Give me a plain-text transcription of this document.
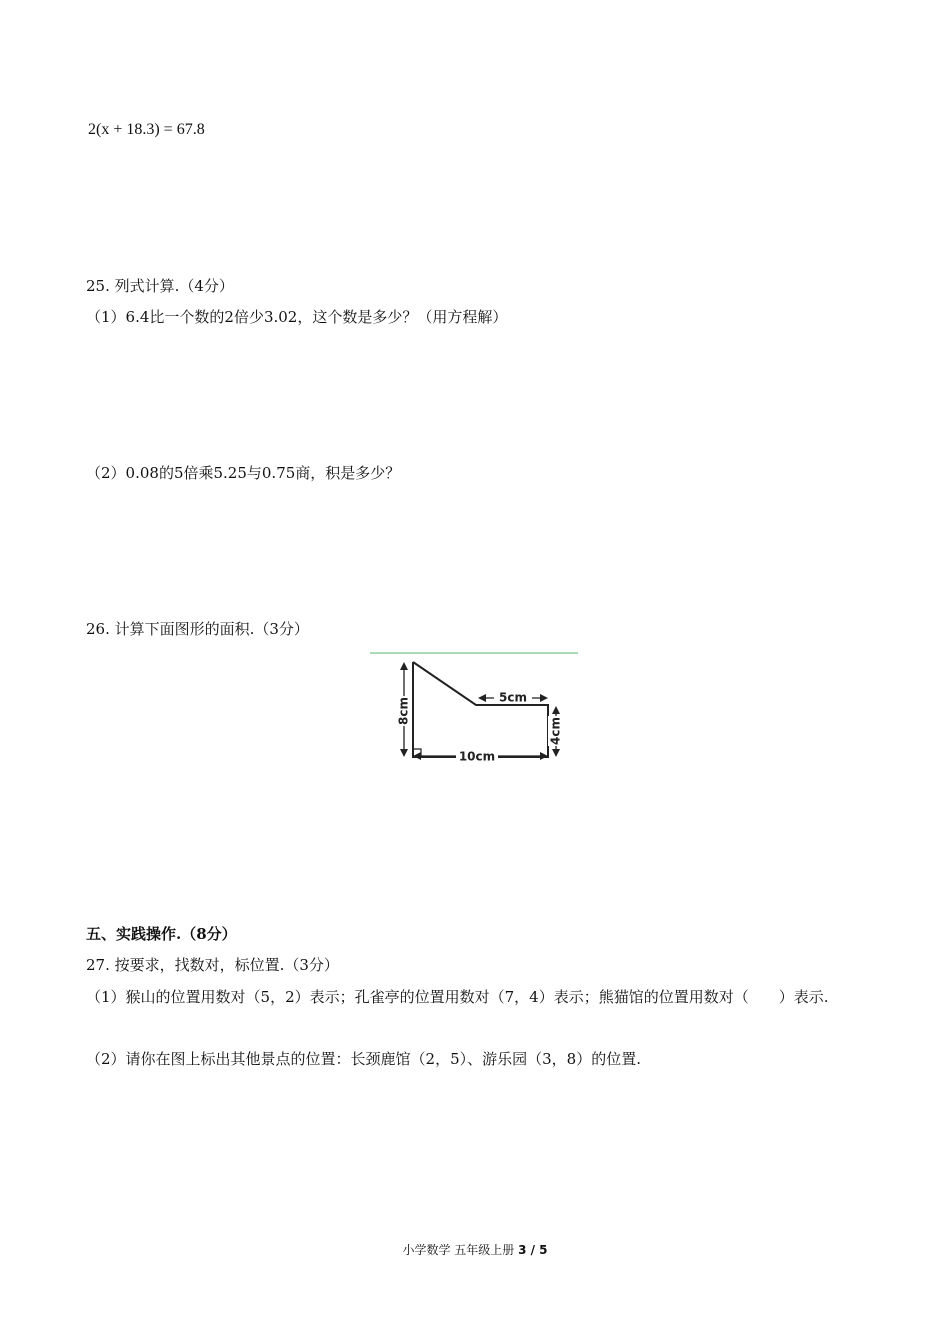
2(x + 18.3) = 67.8
25. 列式计算.（4分）
（1）6.4比一个数的2倍少3.02，这个数是多少？（用方程解）
（2）0.08的5倍乘5.25与0.75商，积是多少？
26. 计算下面图形的面积.（3分）
8cm	5cm
4cm
10cm
五、实践操作.（8分）
27. 按要求，找数对，标位置.（3分）
（1）猴山的位置用数对（5，2）表示；孔雀亭的位置用数对（7，4）表示；熊猫馆的位置用数对（　　）表示.
（2）请你在图上标出其他景点的位置：长颈鹿馆（2，5）、游乐园（3，8）的位置.
小学数学 五年级上册 3 / 5
